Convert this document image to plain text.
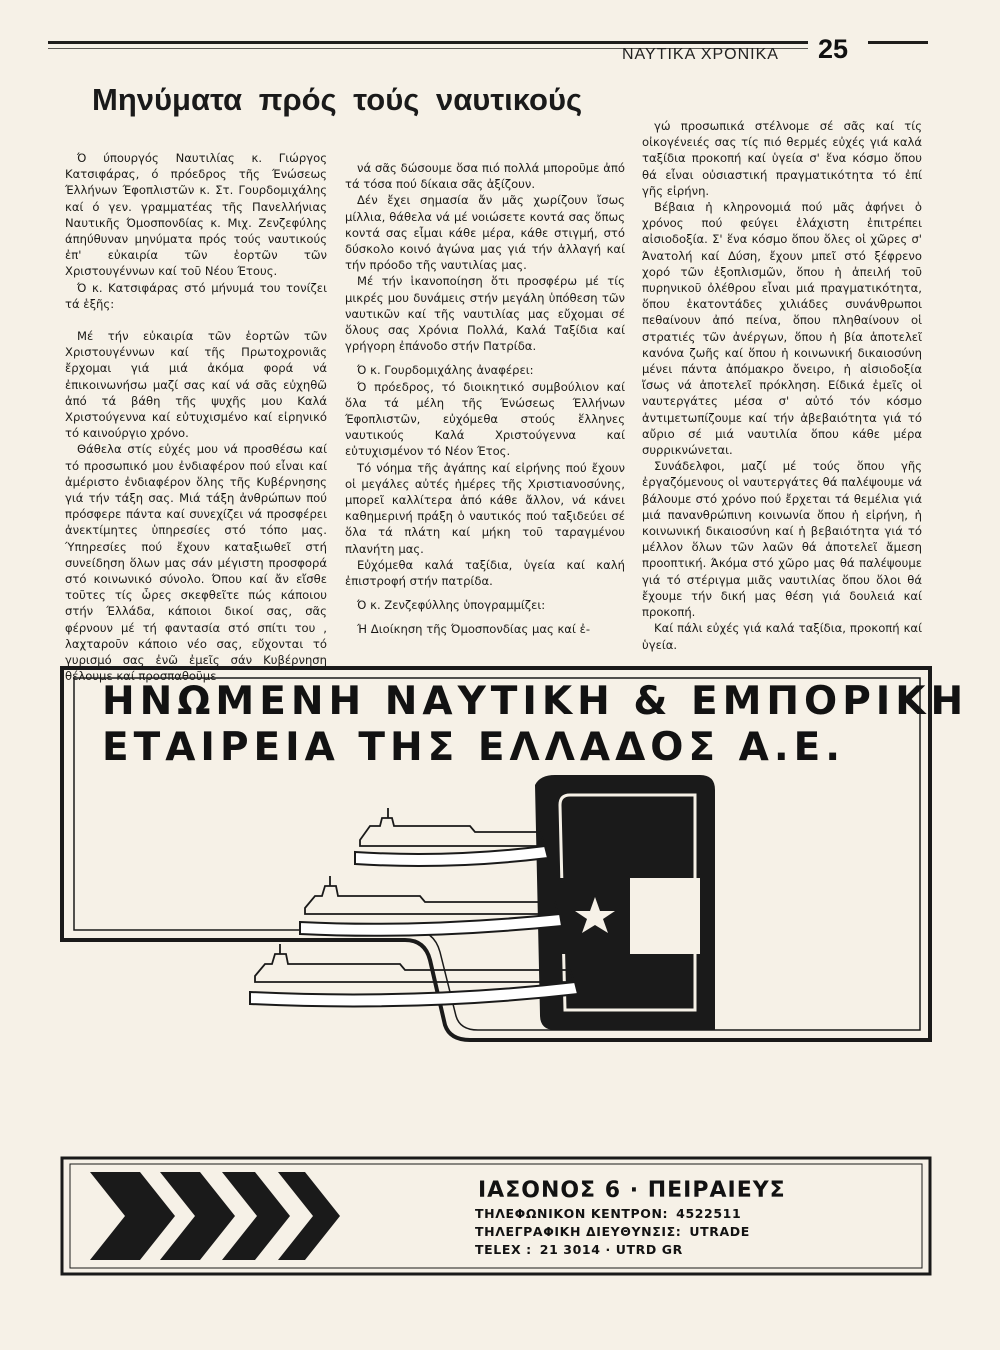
ΝΑΥΤΙΚΑ ΧΡΟΝΙΚΑ	25
Μηνύματα πρός τούς ναυτικούς

Ό ύπουργός Ναυτιλίας κ. Γιώργος Κατσιφάρας, ό πρόεδρος τῆς Ένώσεως Έλλήνων Έφοπλιστῶν κ. Στ. Γουρδομιχάλης καί ό γεν. γραμματέας τῆς Πανελλήνιας Ναυτικῆς Όμοσπονδίας κ. Μιχ. Ζενζεφύλης άπηύθυναν μηνύματα πρός τούς ναυτικούς ἐπ' εὐκαιρία τῶν ἑορτῶν τῶν Χριστουγέννων καί τοῦ Νέου Έτους.

Ό κ. Κατσιφάρας στό μήνυμά του τονίζει τά ἑξῆς:

Μέ τήν εὐκαιρία τῶν ἑορτῶν τῶν Χριστουγέννων καί τῆς Πρωτοχρονιᾶς ἔρχομαι γιά μιά ἀκόμα φορά νά ἐπικοινωνήσω μαζί σας καί νά σᾶς εὐχηθῶ ἀπό τά βάθη τῆς ψυχῆς μου Καλά Χριστούγεννα καί εὐτυχισμένο καί εἰρηνικό τό καινούργιο χρόνο.

Θάθελα στίς εὐχές μου νά προσθέσω καί τό προσωπικό μου ἐνδιαφέρον πού εἶναι καί ἀμέριστο ἐνδιαφέρον ὅλης τῆς Κυβέρνησης γιά τήν τάξη σας. Μιά τάξη ἀνθρώπων πού πρόσφερε πάντα καί συνεχίζει νά προσφέρει ἀνεκτίμητες ὑπηρεσίες στό τόπο μας. Ύπηρεσίες πού ἔχουν καταξιωθεῖ στή συνείδηση ὅλων μας σάν μέγιστη προσφορά στό κοινωνικό σύνολο. Όπου καί ἄν εἴσθε τοῦτες τίς ὧρες σκεφθεῖτε πώς κάποιου στήν Έλλάδα, κάποιοι δικοί σας, σᾶς φέρνουν μέ τή φαντασία στό σπίτι του , λαχταροῦν κάποιο νέο σας, εὔχονται τό γυρισμό σας ἐνῶ ἐμεῖς σάν Κυβέρνηση θέλουμε καί προσπαθοῦμε

νά σᾶς δώσουμε ὅσα πιό πολλά μποροῦμε ἀπό τά τόσα πού δίκαια σᾶς ἀξίζουν.

Δέν ἔχει σημασία ἄν μᾶς χωρίζουν ἴσως μίλλια, θάθελα νά μέ νοιώσετε κοντά σας ὅπως κοντά σας εἶμαι κάθε μέρα, κάθε στιγμή, στό δύσκολο κοινό ἀγώνα μας γιά τήν ἀλλαγή καί τήν πρόοδο τῆς ναυτιλίας μας.

Μέ τήν ἱκανοποίηση ὅτι προσφέρω μέ τίς μικρές μου δυνάμεις στήν μεγάλη ὑπόθεση τῶν ναυτικῶν καί τῆς ναυτιλίας μας εὔχομαι σέ ὅλους σας Χρόνια Πολλά, Καλά Ταξίδια καί γρήγορη ἐπάνοδο στήν Πατρίδα.

Ό κ. Γουρδομιχάλης ἀναφέρει:

Ό πρόεδρος, τό διοικητικό συμβούλιον καί ὅλα τά μέλη τῆς Ένώσεως Έλλήνων Έφοπλιστῶν, εὐχόμεθα στούς ἕλληνες ναυτικούς Καλά Χριστούγεννα καί εὐτυχισμένον τό Νέον Έτος.

Τό νόημα τῆς ἀγάπης καί εἰρήνης πού ἔχουν οἱ μεγάλες αὐτές ἡμέρες τῆς Χριστιανοσύνης, μπορεῖ καλλίτερα ἀπό κάθε ἄλλον, νά κάνει καθημερινή πράξη ὁ ναυτικός πού ταξιδεύει σέ ὅλα τά πλάτη καί μήκη τοῦ ταραγμένου πλανήτη μας.

Εὐχόμεθα καλά ταξίδια, ὑγεία καί καλή ἐπιστροφή στήν πατρίδα.

Ό κ. Ζενζεφύλλης ὑπογραμμίζει:

Ή Διοίκηση τῆς Όμοσπονδίας μας καί ἐ-

γώ προσωπικά στέλνομε σέ σᾶς καί τίς οἰκογένειές σας τίς πιό θερμές εὐχές γιά καλά ταξίδια προκοπή καί ὑγεία σ' ἕνα κόσμο ὅπου θά εἶναι οὐσιαστική πραγματικότητα τό ἐπί γῆς εἰρήνη.

Βέβαια ἡ κληρονομιά πού μᾶς ἀφήνει ὁ χρόνος πού φεύγει ἐλάχιστη ἐπιτρέπει αἰσιοδοξία. Σ' ἕνα κόσμο ὅπου ὅλες οἱ χῶρες σ' Άνατολή καί Δύση, ἔχουν μπεῖ στό ξέφρενο χορό τῶν ἐξοπλισμῶν, ὅπου ἡ ἀπειλή τοῦ πυρηνικοῦ ὀλέθρου εἶναι μιά πραγματικότητα, ὅπου ἑκατοντάδες χιλιάδες συνάνθρωποι πεθαίνουν ἀπό πείνα, ὅπου πληθαίνουν οἱ στρατιές τῶν ἀνέργων, ὅπου ἡ βία ἀποτελεῖ κανόνα ζωῆς καί ὅπου ἡ κοινωνική δικαιοσύνη μένει πάντα ἀπόμακρο ὄνειρο, ἡ αἰσιοδοξία ἴσως νά ἀποτελεῖ πρόκληση. Είδικά ἐμεῖς οἱ ναυτεργάτες μέσα σ' αὐτό τόν κόσμο ἀντιμετωπίζουμε καί τήν ἀβεβαιότητα γιά τό αὔριο σέ μιά ναυτιλία ὅπου κάθε μέρα συρρικνώνεται.

Συνάδελφοι, μαζί μέ τούς ὅπου γῆς ἐργαζόμενους οἱ ναυτεργάτες θά παλέψουμε νά βάλουμε στό χρόνο πού ἔρχεται τά θεμέλια γιά μιά πανανθρώπινη κοινωνία ὅπου ἡ εἰρήνη, ἡ κοινωνική δικαιοσύνη καί ἡ βεβαιότητα γιά τό μέλλον ὅλων τῶν λαῶν θά ἀποτελεῖ ἄμεση προοπτική. Άκόμα στό χῶρο μας θά παλέψουμε γιά τό στέριγμα μιᾶς ναυτιλίας ὅπου ὅλοι θά ἔχουμε τήν δική μας θέση γιά δουλειά καί προκοπή.

Καί πάλι εὐχές γιά καλά ταξίδια, προκοπή καί ὑγεία.

ΗΝΩΜΕΝΗ ΝΑΥΤΙΚΗ & ΕΜΠΟΡΙΚΗ
ΕΤΑΙΡΕΙΑ ΤΗΣ ΕΛΛΑΔΟΣ Α.Ε.
ΙΑΣΟΝΟΣ 6 · ΠΕΙΡΑΙΕΥΣ
ΤΗΛΕΦΩΝΙΚΟΝ ΚΕΝΤΡΟΝ: 4522511
ΤΗΛΕΓΡΑΦΙΚΗ ΔΙΕΥΘΥΝΣΙΣ: UTRADE
TELEX : 21 3014 · UTRD GR
